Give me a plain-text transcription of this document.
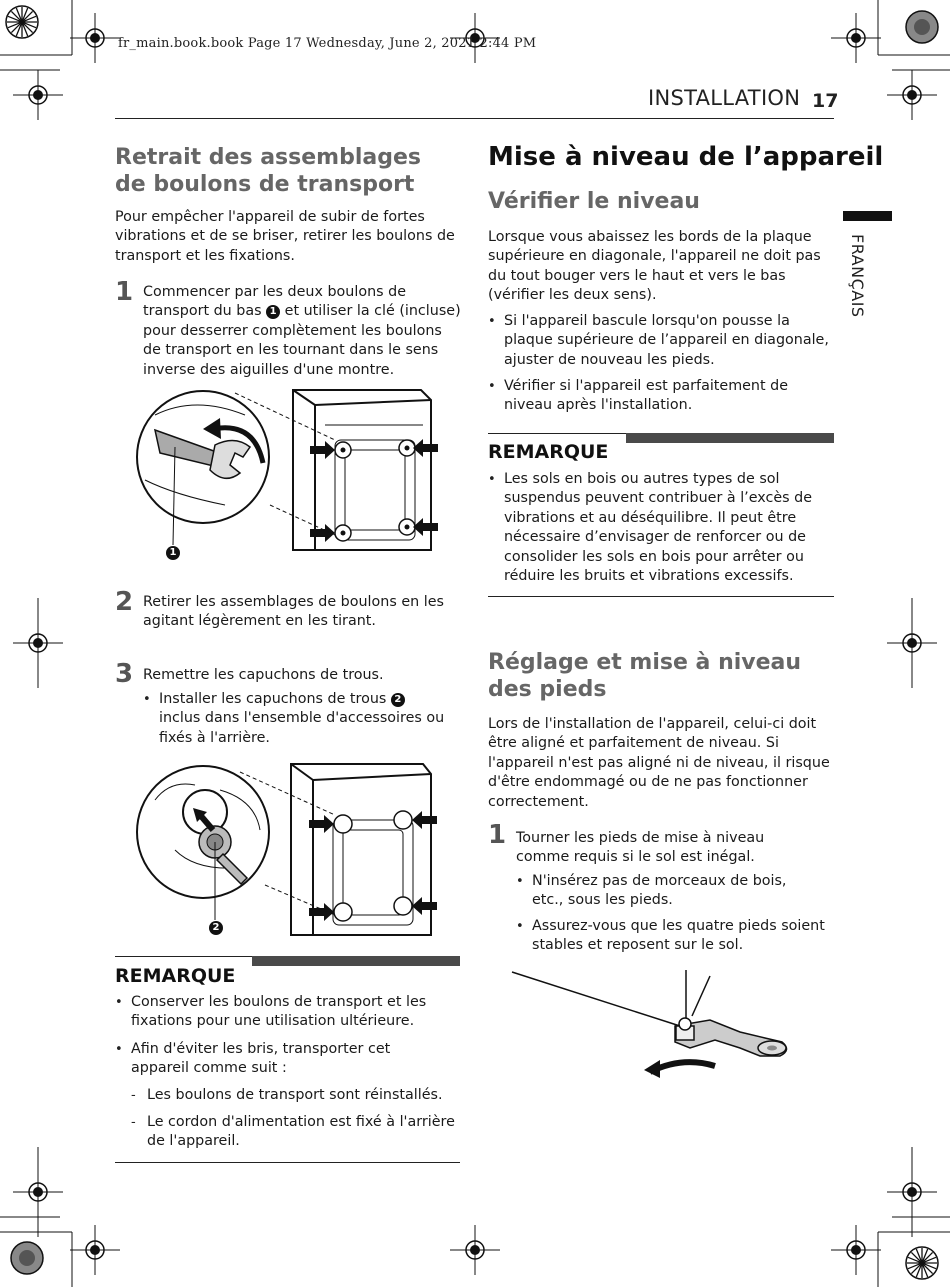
fr_main.book.book Page 17 Wednesday, June 2, 2021 2:44 PM
INSTALLATION 17
FRANÇAIS
Retrait des assemblages de boulons de transport
Pour empêcher l'appareil de subir de fortes vibrations et de se briser, retirer les boulons de transport et les fixations.
1 Commencer par les deux boulons de transport du bas 1 et utiliser la clé (incluse) pour desserrer complètement les boulons de transport en les tournant dans le sens inverse des aiguilles d'une montre.
1
2 Retirer les assemblages de boulons en les agitant légèrement en les tirant.
3 Remettre les capuchons de trous.
• Installer les capuchons de trous 2 inclus dans l'ensemble d'accessoires ou fixés à l'arrière.
2
REMARQUE
• Conserver les boulons de transport et les fixations pour une utilisation ultérieure.
• Afin d'éviter les bris, transporter cet appareil comme suit :
- Les boulons de transport sont réinstallés.
- Le cordon d'alimentation est fixé à l'arrière de l'appareil.
Mise à niveau de l’appareil
Vérifier le niveau
Lorsque vous abaissez les bords de la plaque supérieure en diagonale, l'appareil ne doit pas du tout bouger vers le haut et vers le bas (vérifier les deux sens).
• Si l'appareil bascule lorsqu'on pousse la plaque supérieure de l’appareil en diagonale, ajuster de nouveau les pieds.
• Vérifier si l'appareil est parfaitement de niveau après l'installation.
REMARQUE
• Les sols en bois ou autres types de sol suspendus peuvent contribuer à l’excès de vibrations et au déséquilibre. Il peut être nécessaire d’envisager de renforcer ou de consolider les sols en bois pour arrêter ou réduire les bruits et vibrations excessifs.
Réglage et mise à niveau des pieds
Lors de l'installation de l'appareil, celui-ci doit être aligné et parfaitement de niveau. Si l'appareil n'est pas aligné ni de niveau, il risque d'être endommagé ou de ne pas fonctionner correctement.
1 Tourner les pieds de mise à niveau comme requis si le sol est inégal.
• N'insérez pas de morceaux de bois, etc., sous les pieds.
• Assurez-vous que les quatre pieds soient stables et reposent sur le sol.
